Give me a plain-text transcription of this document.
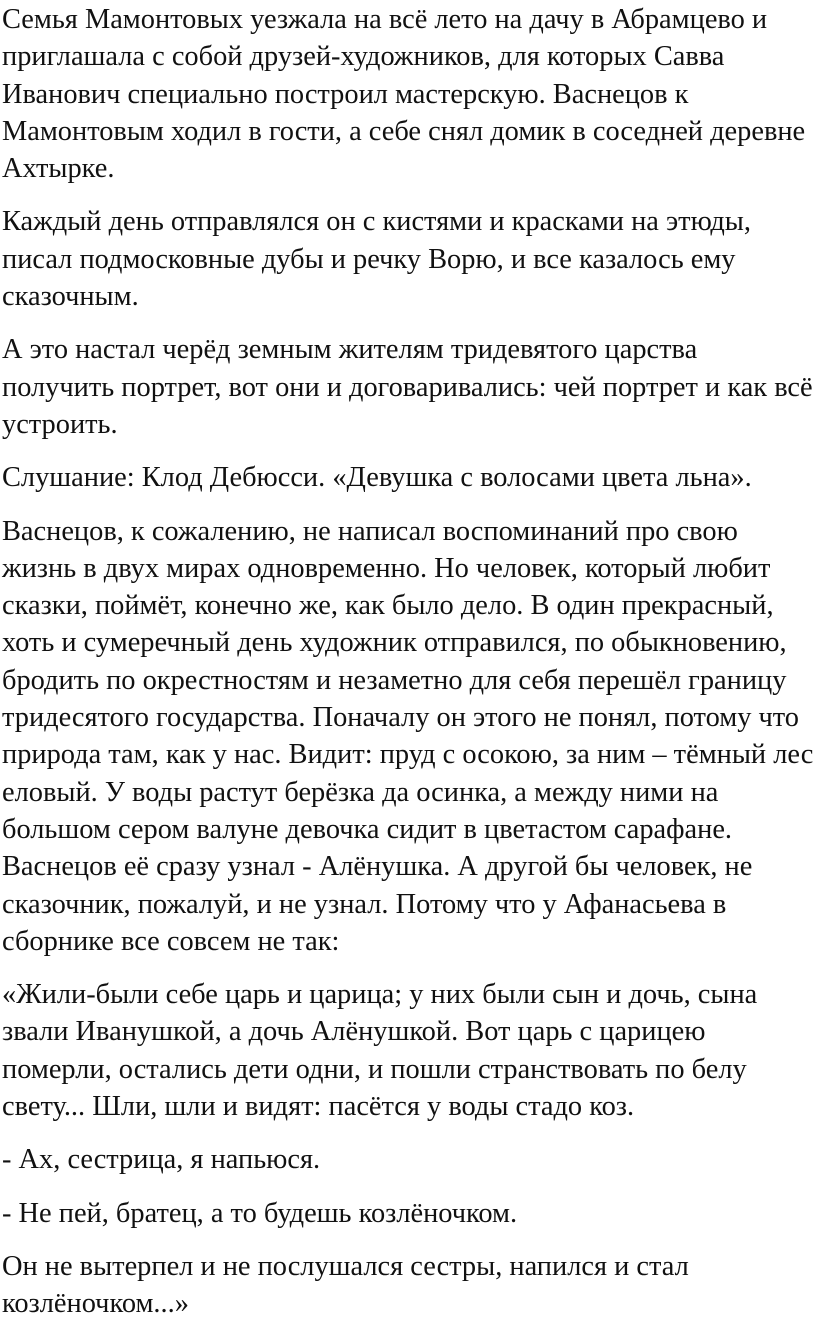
Семья Мамонтовых уезжала на всё лето на дачу в Абрамцево и приглашала с собой друзей-художников, для которых Савва Иванович специально построил мастерскую. Васнецов к Мамонтовым ходил в гости, а себе снял домик в соседней деревне Ахтырке.

Каждый день отправлялся он с кистями и красками на этюды, писал подмосковные дубы и речку Ворю, и все казалось ему сказочным.

А это настал черёд земным жителям тридевятого царства получить портрет, вот они и договаривались: чей портрет и как всё устроить.

Слушание: Клод Дебюсси. «Девушка с волосами цвета льна».

Васнецов, к сожалению, не написал воспоминаний про свою жизнь в двух мирах одновременно. Но человек, который любит сказки, поймёт, конечно же, как было дело. В один прекрасный, хоть и сумеречный день художник отправился, по обыкновению, бродить по окрестностям и незаметно для себя перешёл границу тридесятого государства. Поначалу он этого не понял, потому что природа там, как у нас. Видит: пруд с осокою, за ним – тёмный лес еловый. У воды растут берёзка да осинка, а между ними на большом сером валуне девочка сидит в цветастом сарафане. Васнецов её сразу узнал - Алёнушка. А другой бы человек, не сказочник, пожалуй, и не узнал. Потому что у Афанасьева в сборнике все совсем не так:

«Жили-были себе царь и царица; у них были сын и дочь, сына звали Иванушкой, а дочь Алёнушкой. Вот царь с царицею померли, остались дети одни, и пошли странствовать по белу свету... Шли, шли и видят: пасётся у воды стадо коз.

- Ах, сестрица, я напьюся.

- Не пей, братец, а то будешь козлёночком.

Он не вытерпел и не послушался сестры, напился и стал козлёночком...»
